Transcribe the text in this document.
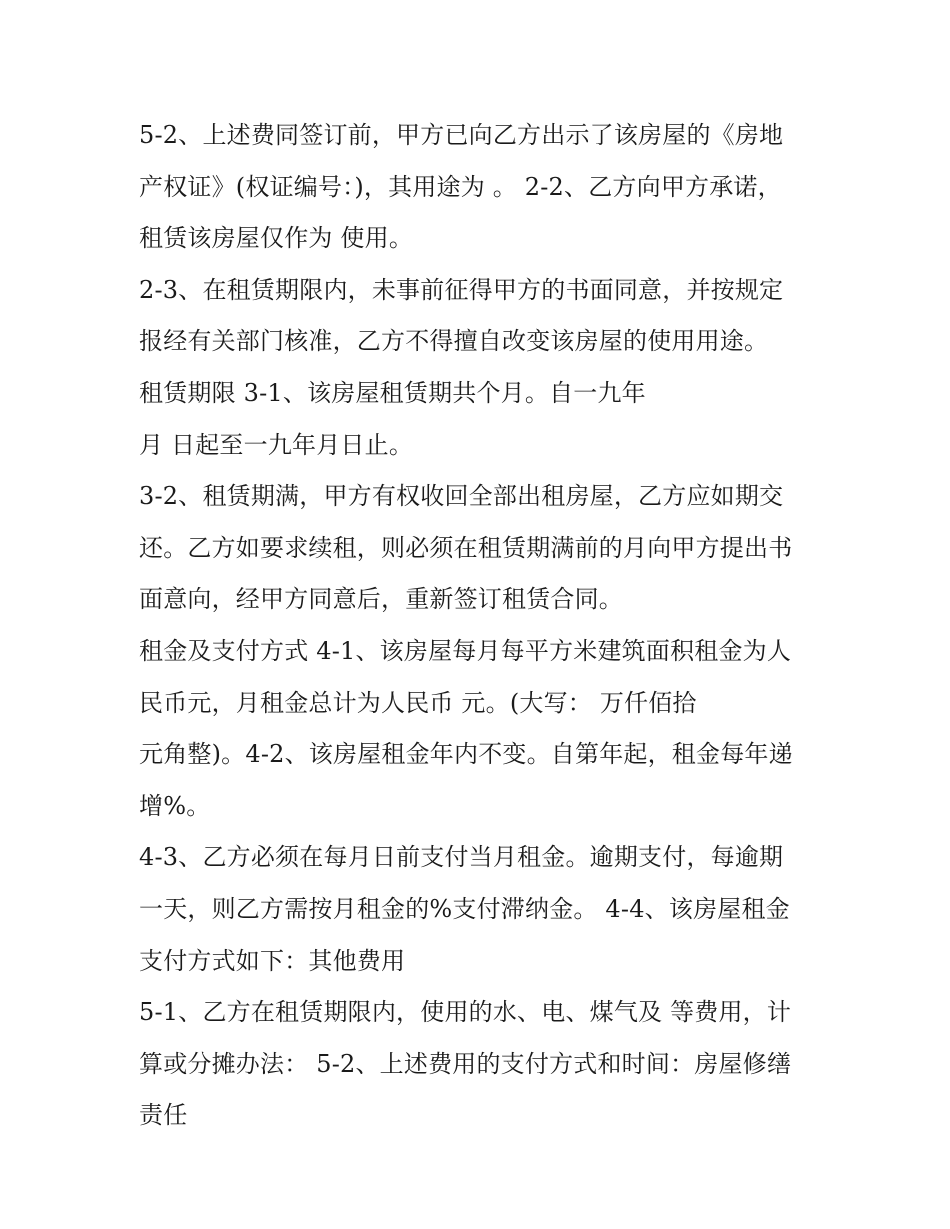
5-2、上述费同签订前，甲方已向乙方出示了该房屋的《房地
产权证》(权证编号：)，其用途为 。 2-2、乙方向甲方承诺，
租赁该房屋仅作为 使用。
2-3、在租赁期限内，未事前征得甲方的书面同意，并按规定
报经有关部门核准，乙方不得擅自改变该房屋的使用用途。
租赁期限 3-1、该房屋租赁期共个月。自一九年
月 日起至一九年月日止。
3-2、租赁期满，甲方有权收回全部出租房屋，乙方应如期交
还。乙方如要求续租，则必须在租赁期满前的月向甲方提出书
面意向，经甲方同意后，重新签订租赁合同。
租金及支付方式 4-1、该房屋每月每平方米建筑面积租金为人
民币元，月租金总计为人民币 元。(大写： 万仟佰拾
元角整)。4-2、该房屋租金年内不变。自第年起，租金每年递
增%。
4-3、乙方必须在每月日前支付当月租金。逾期支付，每逾期
一天，则乙方需按月租金的%支付滞纳金。 4-4、该房屋租金
支付方式如下：其他费用
5-1、乙方在租赁期限内，使用的水、电、煤气及 等费用，计
算或分摊办法： 5-2、上述费用的支付方式和时间：房屋修缮
责任
